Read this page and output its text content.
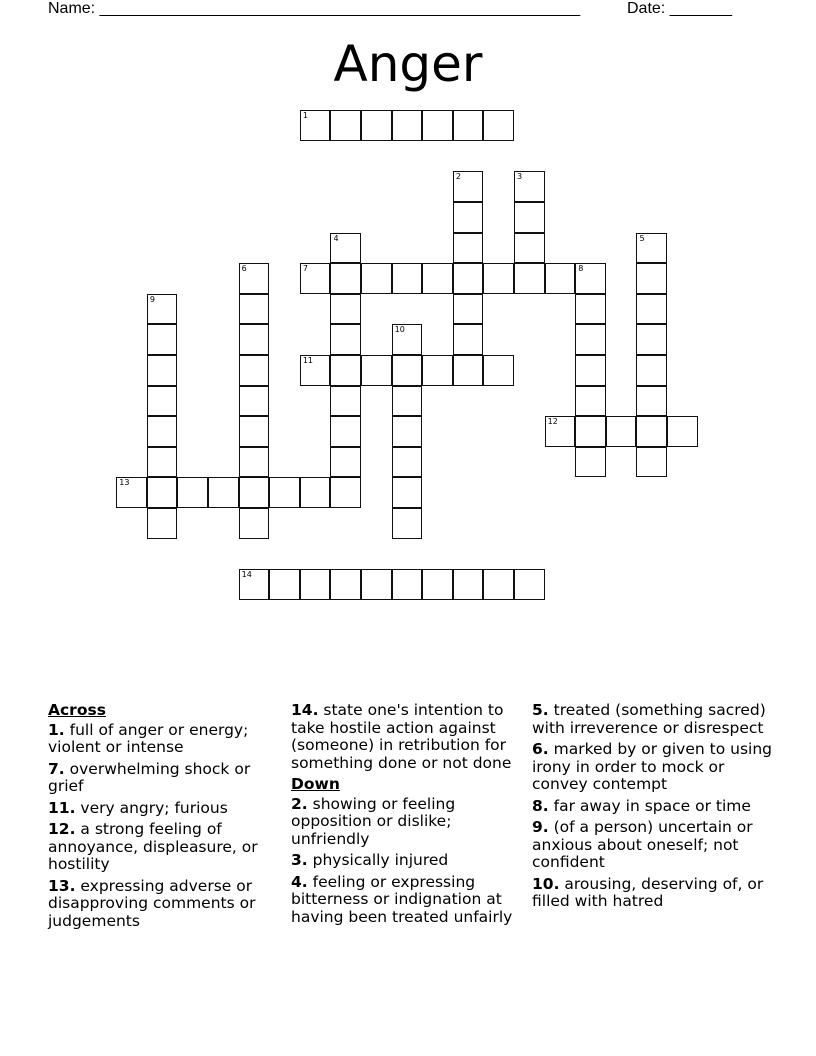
Name: ______________________________________________________	Date: _______
Anger
1
7	8
11
12
13
14
2	3
4	5
6
9
10
Across
1. full of anger or energy; violent or intense
7. overwhelming shock or grief
11. very angry; furious
12. a strong feeling of annoyance, displeasure, or hostility
13. expressing adverse or disapproving comments or judgements
14. state one's intention to take hostile action against (someone) in retribution for something done or not done
Down
2. showing or feeling opposition or dislike; unfriendly
3. physically injured
4. feeling or expressing bitterness or indignation at having been treated unfairly
5. treated (something sacred) with irreverence or disrespect
6. marked by or given to using irony in order to mock or convey contempt
8. far away in space or time
9. (of a person) uncertain or anxious about oneself; not confident
10. arousing, deserving of, or filled with hatred
